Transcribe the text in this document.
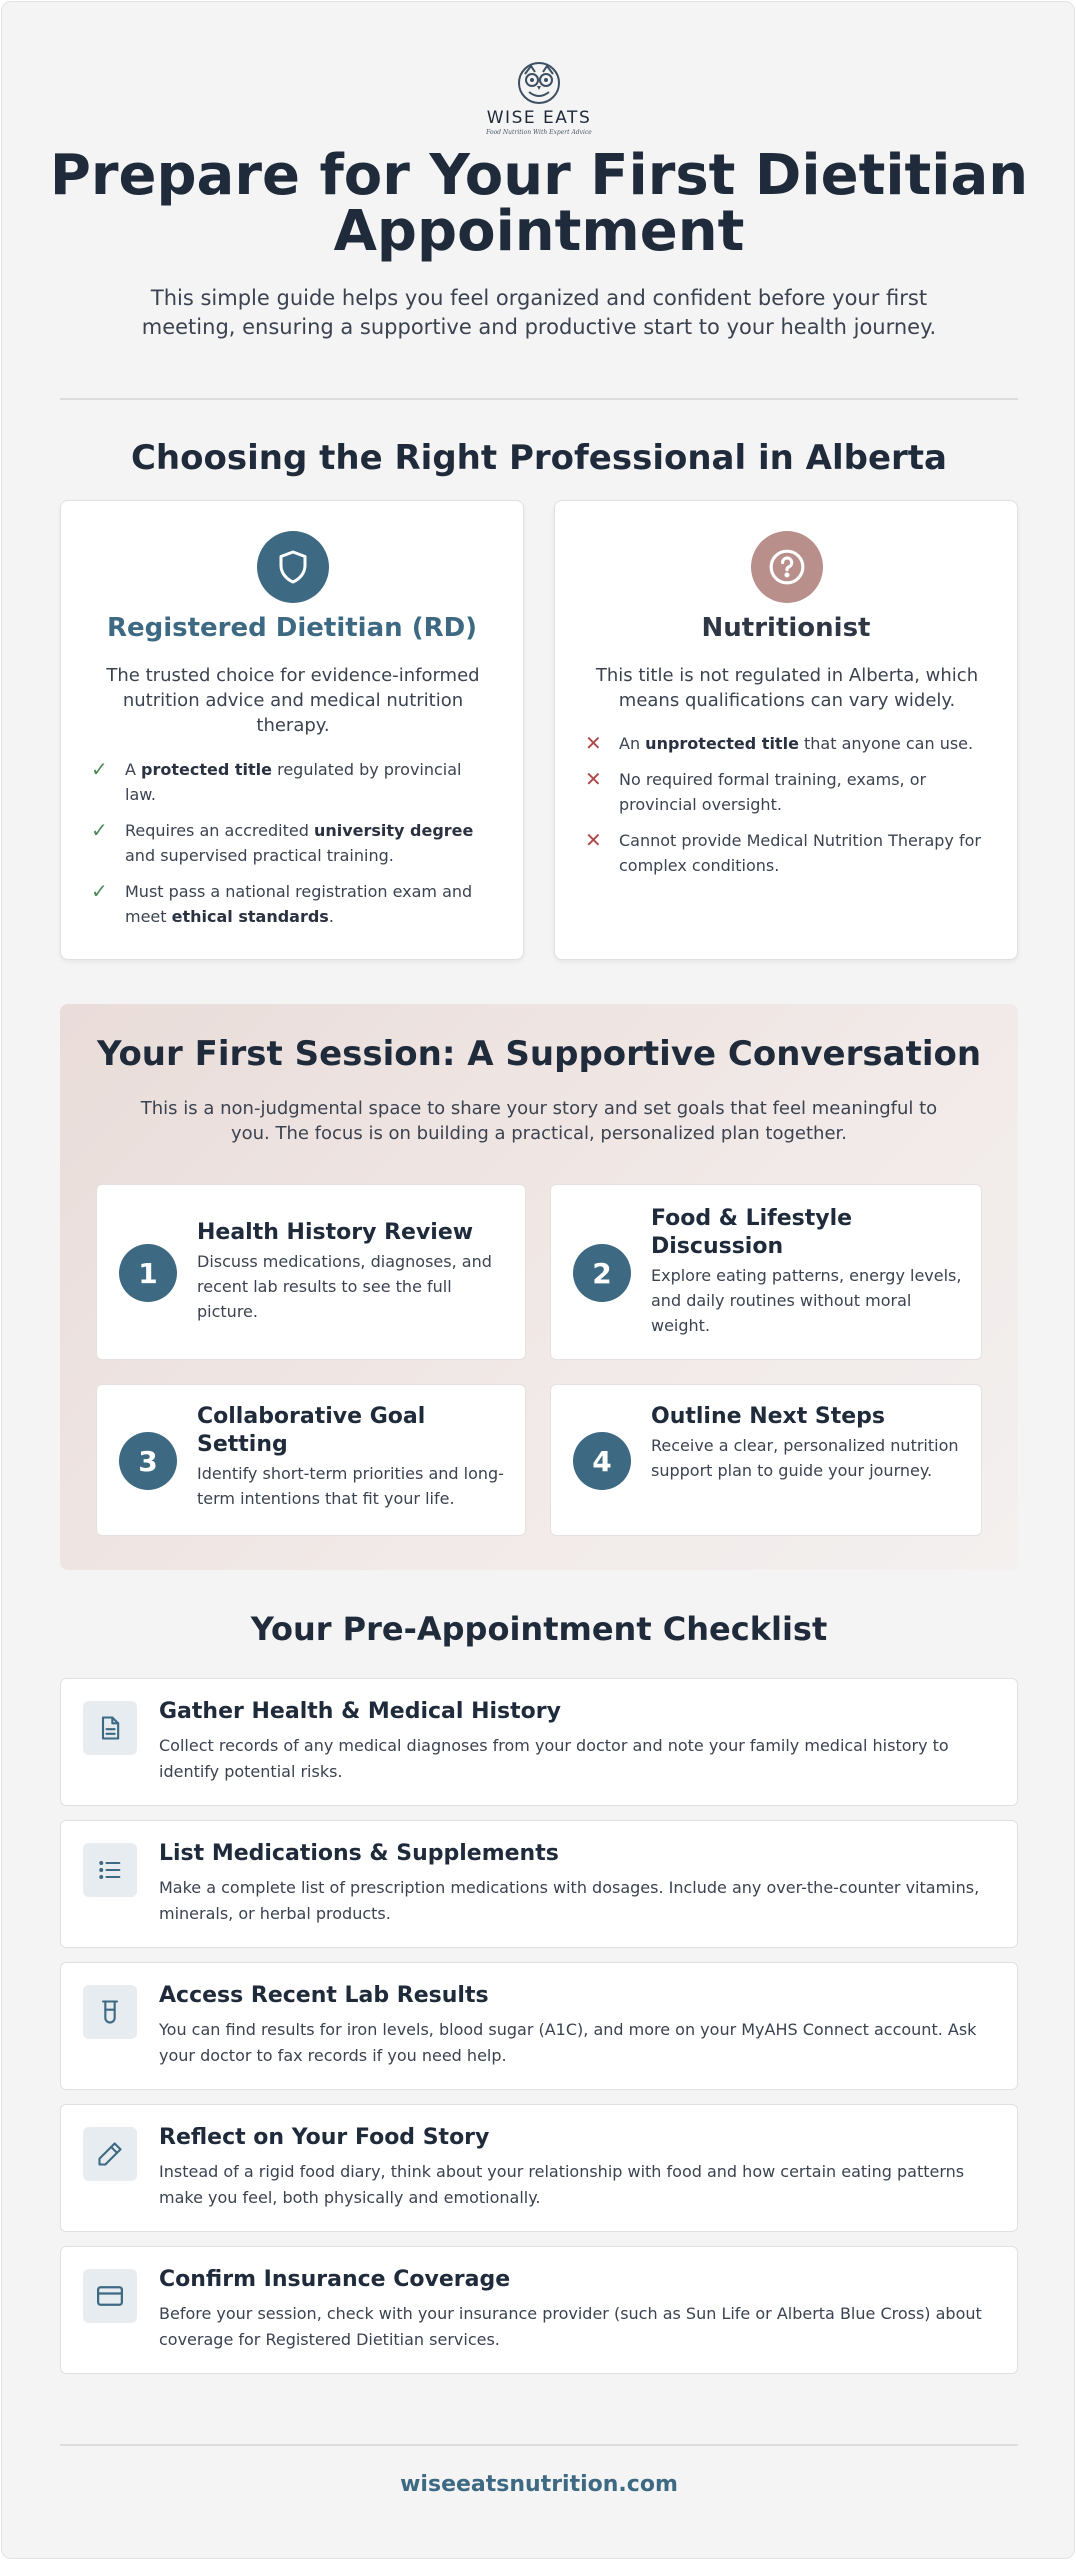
WISE EATS
Food Nutrition With Expert Advice
Prepare for Your First Dietitian
Appointment

This simple guide helps you feel organized and confident before your first meeting, ensuring a supportive and productive start to your health journey.

Choosing the Right Professional in Alberta
Registered Dietitian (RD)

The trusted choice for evidence-informed nutrition advice and medical nutrition therapy.

✓ A protected title regulated by provincial law.
✓ Requires an accredited university degree and supervised practical training.
✓ Must pass a national registration exam and meet ethical standards.
Nutritionist

This title is not regulated in Alberta, which means qualifications can vary widely.

✕ An unprotected title that anyone can use.
✕ No required formal training, exams, or provincial oversight.
✕ Cannot provide Medical Nutrition Therapy for complex conditions.
Your First Session: A Supportive Conversation

This is a non-judgmental space to share your story and set goals that feel meaningful to you. The focus is on building a practical, personalized plan together.

1
Health History Review
Discuss medications, diagnoses, and recent lab results to see the full picture.
2
Food & Lifestyle Discussion
Explore eating patterns, energy levels, and daily routines without moral weight.
3
Collaborative Goal Setting
Identify short-term priorities and long-term intentions that fit your life.
4
Outline Next Steps
Receive a clear, personalized nutrition support plan to guide your journey.
Your Pre-Appointment Checklist
Gather Health & Medical History
Collect records of any medical diagnoses from your doctor and note your family medical history to identify potential risks.
List Medications & Supplements
Make a complete list of prescription medications with dosages. Include any over-the-counter vitamins, minerals, or herbal products.
Access Recent Lab Results
You can find results for iron levels, blood sugar (A1C), and more on your MyAHS Connect account. Ask your doctor to fax records if you need help.
Reflect on Your Food Story
Instead of a rigid food diary, think about your relationship with food and how certain eating patterns make you feel, both physically and emotionally.
Confirm Insurance Coverage
Before your session, check with your insurance provider (such as Sun Life or Alberta Blue Cross) about coverage for Registered Dietitian services.
wiseeatsnutrition.com
